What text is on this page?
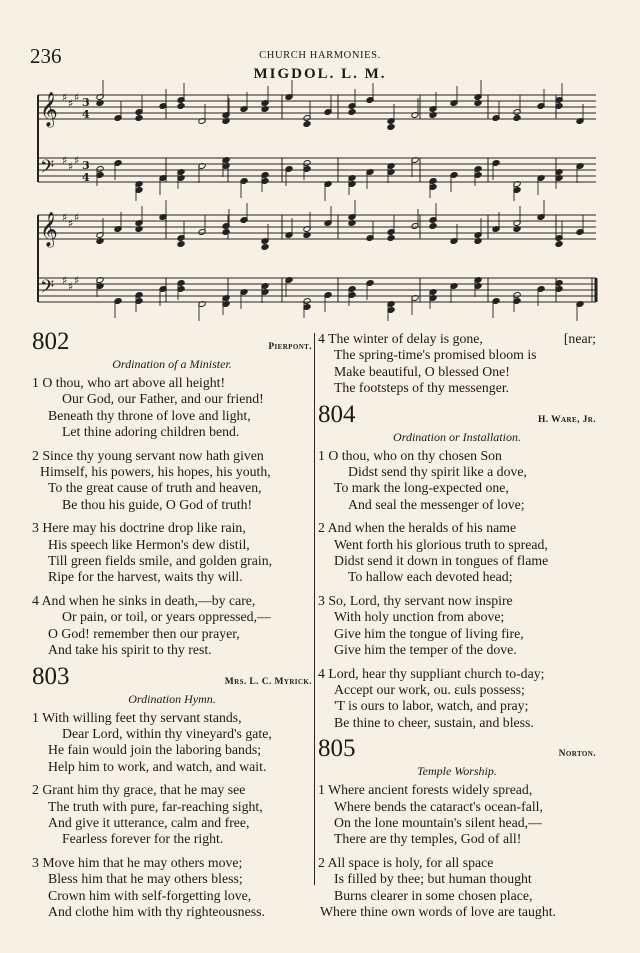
236	CHURCH HARMONIES.
MIGDOL. L. M.
𝄞 ♯ ♯ ♯ 3
4
𝄢 ♯ ♯ ♯ 3
4
𝄞 ♯ ♯ ♯
𝄢 ♯ ♯ ♯
802	Pierpont.
Ordination of a Minister.
1 O thou, who art above all height!
Our God, our Father, and our friend!
Beneath thy throne of love and light,
Let thine adoring children bend.
2 Since thy young servant now hath given
Himself, his powers, his hopes, his youth,
To the great cause of truth and heaven,
Be thou his guide, O God of truth!
3 Here may his doctrine drop like rain,
His speech like Hermon's dew distil,
Till green fields smile, and golden grain,
Ripe for the harvest, waits thy will.
4 And when he sinks in death,—by care,
Or pain, or toil, or years oppressed,—
O God! remember then our prayer,
And take his spirit to thy rest.
803	Mrs. L. C. Myrick.
Ordination Hymn.
1 With willing feet thy servant stands,
Dear Lord, within thy vineyard's gate,
He fain would join the laboring bands;
Help him to work, and watch, and wait.
2 Grant him thy grace, that he may see
The truth with pure, far-reaching sight,
And give it utterance, calm and free,
Fearless forever for the right.
3 Move him that he may others move;
Bless him that he may others bless;
Crown him with self-forgetting love,
And clothe him with thy righteousness.
4 The winter of delay is gone,	[near;
The spring-time's promised bloom is
Make beautiful, O blessed One!
The footsteps of thy messenger.
804	H. Ware, Jr.
Ordination or Installation.
1 O thou, who on thy chosen Son
Didst send thy spirit like a dove,
To mark the long-expected one,
And seal the messenger of love;
2 And when the heralds of his name
Went forth his glorious truth to spread,
Didst send it down in tongues of flame
To hallow each devoted head;
3 So, Lord, thy servant now inspire
With holy unction from above;
Give him the tongue of living fire,
Give him the temper of the dove.
4 Lord, hear thy suppliant church to-day;
Accept our work, ou. ɛuls possess;
'T is ours to labor, watch, and pray;
Be thine to cheer, sustain, and bless.
805	Norton.
Temple Worship.
1 Where ancient forests widely spread,
Where bends the cataract's ocean-fall,
On the lone mountain's silent head,—
There are thy temples, God of all!
2 All space is holy, for all space
Is filled by thee; but human thought
Burns clearer in some chosen place,
Where thine own words of love are taught.
